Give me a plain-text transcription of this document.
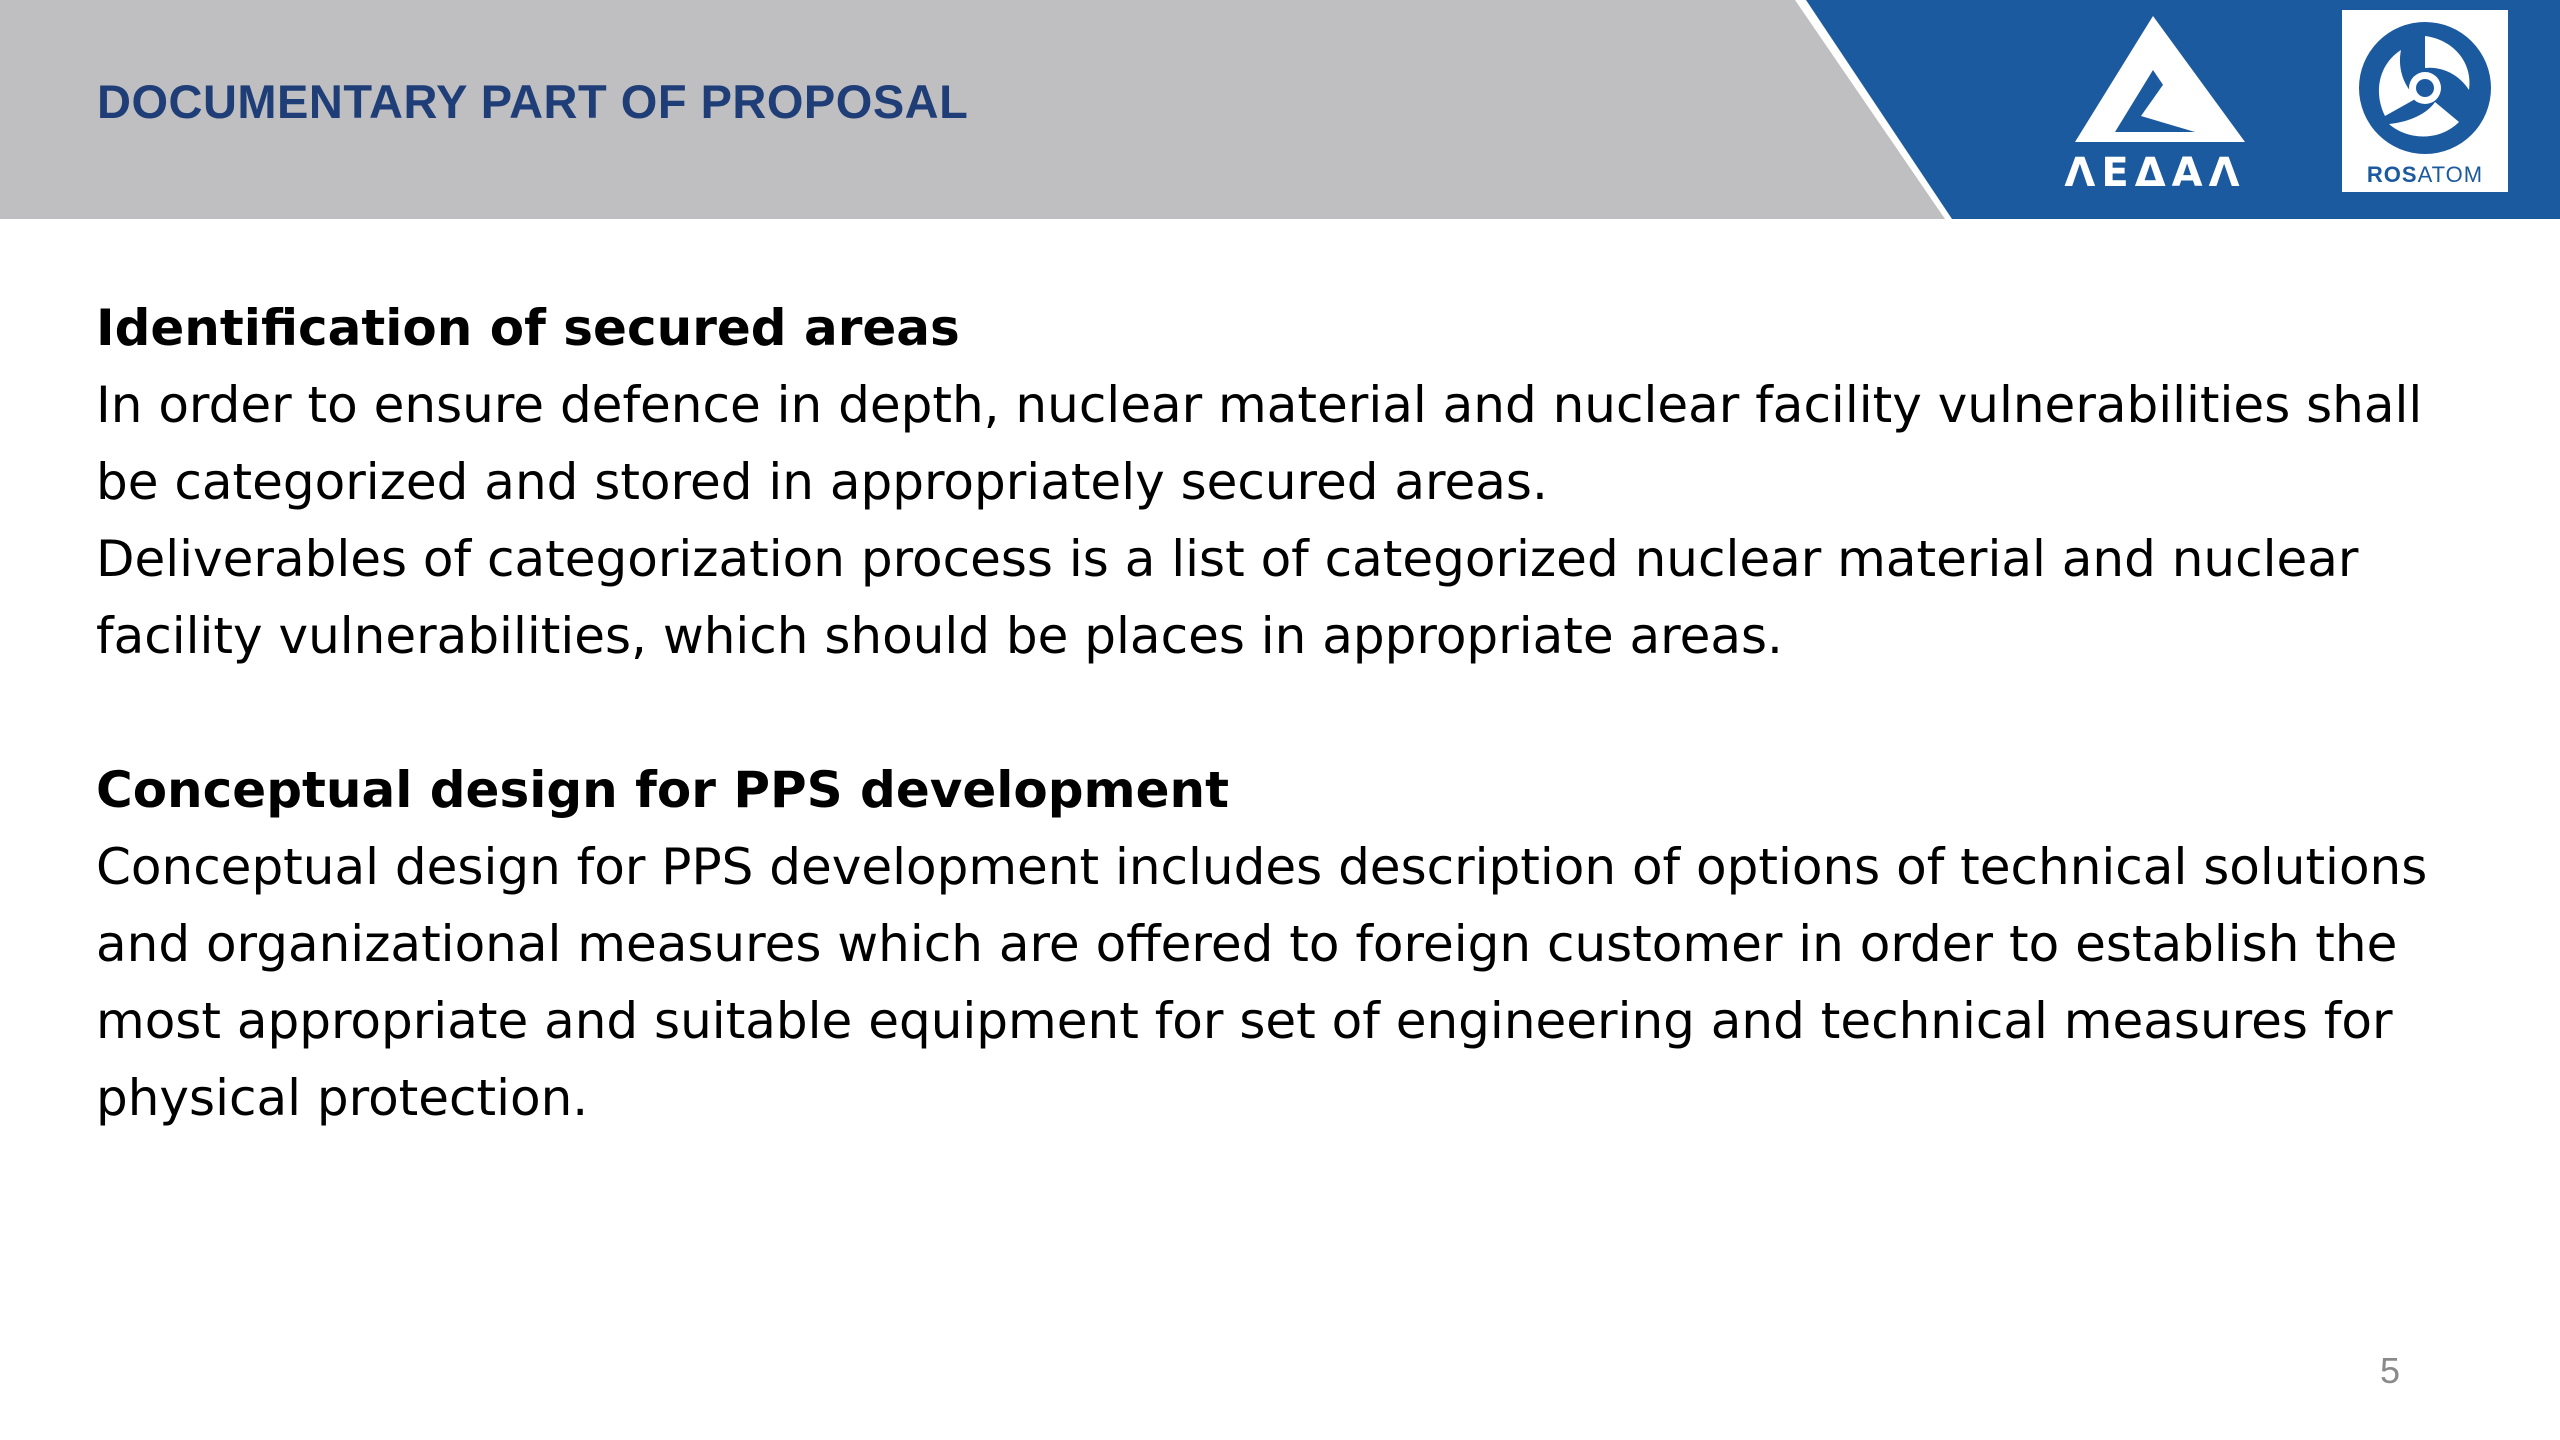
DOCUMENTARY PART OF PROPOSAL
ΛΕΔΑΛ	ROSATOM

Identification of secured areas

In order to ensure defence in depth, nuclear material and nuclear facility vulnerabilities shall be categorized and stored in appropriately secured areas.

Deliverables of categorization process is a list of categorized nuclear material and nuclear facility vulnerabilities, which should be places in appropriate areas.

Conceptual design for PPS development

Conceptual design for PPS development includes description of options of technical solutions and organizational measures which are offered to foreign customer in order to establish the most appropriate and suitable equipment for set of engineering and technical measures for physical protection.

5
